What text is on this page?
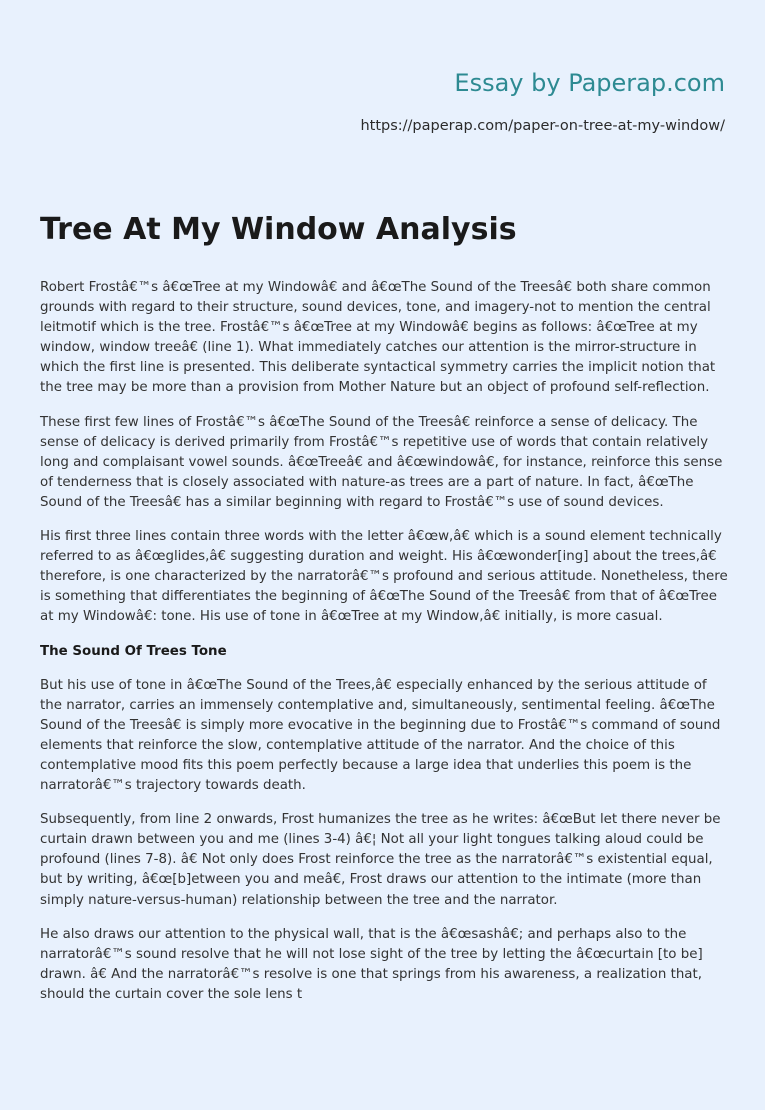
Essay by Paperap.com
https://paperap.com/paper-on-tree-at-my-window/
Tree At My Window Analysis

Robert Frostâ€™s â€œTree at my Windowâ€ and â€œThe Sound of the Treesâ€ both share common grounds with regard to their structure, sound devices, tone, and imagery-not to mention the central leitmotif which is the tree. Frostâ€™s â€œTree at my Windowâ€ begins as follows: â€œTree at my window, window treeâ€ (line 1). What immediately catches our attention is the mirror-structure in which the first line is presented. This deliberate syntactical symmetry carries the implicit notion that the tree may be more than a provision from Mother Nature but an object of profound self-reflection.

These first few lines of Frostâ€™s â€œThe Sound of the Treesâ€ reinforce a sense of delicacy. The sense of delicacy is derived primarily from Frostâ€™s repetitive use of words that contain relatively long and complaisant vowel sounds. â€œTreeâ€ and â€œwindowâ€, for instance, reinforce this sense of tenderness that is closely associated with nature-as trees are a part of nature. In fact, â€œThe Sound of the Treesâ€ has a similar beginning with regard to Frostâ€™s use of sound devices.

His first three lines contain three words with the letter â€œw,â€ which is a sound element technically referred to as â€œglides,â€ suggesting duration and weight. His â€œwonder[ing] about the trees,â€ therefore, is one characterized by the narratorâ€™s profound and serious attitude. Nonetheless, there is something that differentiates the beginning of â€œThe Sound of the Treesâ€ from that of â€œTree at my Windowâ€: tone. His use of tone in â€œTree at my Window,â€ initially, is more casual.

The Sound Of Trees Tone

But his use of tone in â€œThe Sound of the Trees,â€ especially enhanced by the serious attitude of the narrator, carries an immensely contemplative and, simultaneously, sentimental feeling. â€œThe Sound of the Treesâ€ is simply more evocative in the beginning due to Frostâ€™s command of sound elements that reinforce the slow, contemplative attitude of the narrator. And the choice of this contemplative mood fits this poem perfectly because a large idea that underlies this poem is the narratorâ€™s trajectory towards death.

Subsequently, from line 2 onwards, Frost humanizes the tree as he writes: â€œBut let there never be curtain drawn between you and me (lines 3-4) â€¦ Not all your light tongues talking aloud could be profound (lines 7-8). â€ Not only does Frost reinforce the tree as the narratorâ€™s existential equal, but by writing, â€œ[b]etween you and meâ€, Frost draws our attention to the intimate (more than simply nature-versus-human) relationship between the tree and the narrator.

He also draws our attention to the physical wall, that is the â€œsashâ€; and perhaps also to the narratorâ€™s sound resolve that he will not lose sight of the tree by letting the â€œcurtain [to be] drawn. â€ And the narratorâ€™s resolve is one that springs from his awareness, a realization that, should the curtain cover the sole lens t
